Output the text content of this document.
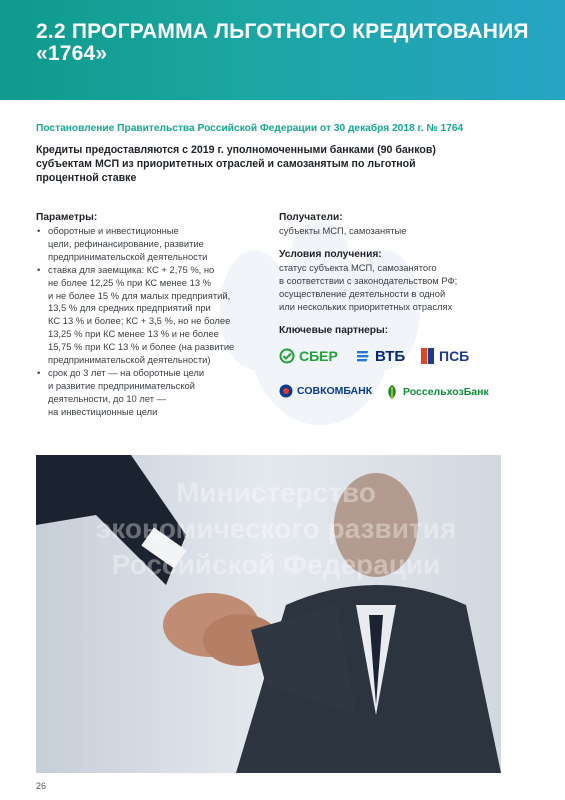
2.2 ПРОГРАММА ЛЬГОТНОГО КРЕДИТОВАНИЯ
«1764»
Постановление Правительства Российской Федерации от 30 декабря 2018 г. № 1764
Кредиты предоставляются с 2019 г. уполномоченными банками (90 банков)
субъектам МСП из приоритетных отраслей и самозанятым по льготной
процентной ставке
Параметры:
• оборотные и инвестиционные
цели, рефинансирование, развитие
предпринимательской деятельности
• ставка для заемщика: КС + 2,75 %, но
не более 12,25 % при КС менее 13 %
и не более 15 % для малых предприятий,
13,5 % для средних предприятий при
КС 13 % и более; КС + 3,5 %, но не более
13,25 % при КС менее 13 % и не более
15,75 % при КС 13 % и более (на развитие
предпринимательской деятельности)
• срок до 3 лет — на оборотные цели
и развитие предпринимательской
деятельности, до 10 лет —
на инвестиционные цели
Получатели:
субъекты МСП, самозанятые
Условия получения:
статус субъекта МСП, самозанятого
в соответствии с законодательством РФ;
осуществление деятельности в одной
или нескольких приоритетных отраслях
Ключевые партнеры:
СБЕР ВТБ ПСБ
СОВКОМБАНК	РоссельхозБанк
Министерство
экономического развития
Российской Федерации
26
